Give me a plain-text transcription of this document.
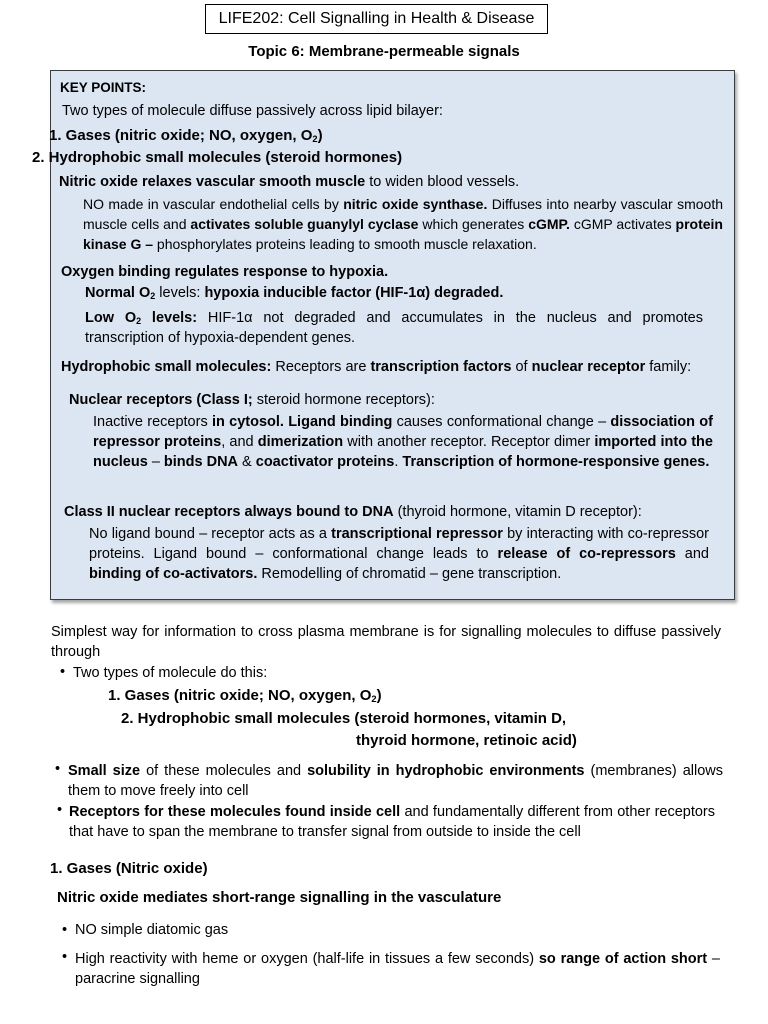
LIFE202: Cell Signalling in Health & Disease
Topic 6: Membrane-permeable signals
KEY POINTS:
Two types of molecule diffuse passively across lipid bilayer:
1. Gases (nitric oxide; NO, oxygen, $O_2$)
2. Hydrophobic small molecules (steroid hormones)
Nitric oxide relaxes vascular smooth muscle to widen blood vessels.
NO made in vascular endothelial cells by nitric oxide synthase. Diffuses into nearby vascular smooth muscle cells and activates soluble guanylyl cyclase which generates cGMP. cGMP activates protein kinase G – phosphorylates proteins leading to smooth muscle relaxation.
Oxygen binding regulates response to hypoxia.
Normal $O_2$ levels: hypoxia inducible factor (HIF-1α) degraded.
Low $O_2$ levels: HIF-1α not degraded and accumulates in the nucleus and promotes transcription of hypoxia-dependent genes.
Hydrophobic small molecules: Receptors are transcription factors of nuclear receptor family:
Nuclear receptors (Class I; steroid hormone receptors):
Inactive receptors in cytosol. Ligand binding causes conformational change – dissociation of repressor proteins, and dimerization with another receptor. Receptor dimer imported into the nucleus – binds DNA & coactivator proteins. Transcription of hormone-responsive genes.
Class II nuclear receptors always bound to DNA (thyroid hormone, vitamin D receptor):
No ligand bound – receptor acts as a transcriptional repressor by interacting with co-repressor proteins. Ligand bound – conformational change leads to release of co-repressors and binding of co-activators. Remodelling of chromatid – gene transcription.
Simplest way for information to cross plasma membrane is for signalling molecules to diffuse passively through
• Two types of molecule do this:
1. Gases (nitric oxide; NO, oxygen, $O_2$)
2. Hydrophobic small molecules (steroid hormones, vitamin D,
thyroid hormone, retinoic acid)
• Small size of these molecules and solubility in hydrophobic environments (membranes) allows them to move freely into cell
• Receptors for these molecules found inside cell and fundamentally different from other receptors that have to span the membrane to transfer signal from outside to inside the cell
1. Gases (Nitric oxide)
Nitric oxide mediates short-range signalling in the vasculature
• NO simple diatomic gas
• High reactivity with heme or oxygen (half-life in tissues a few seconds) so range of action short – paracrine signalling
